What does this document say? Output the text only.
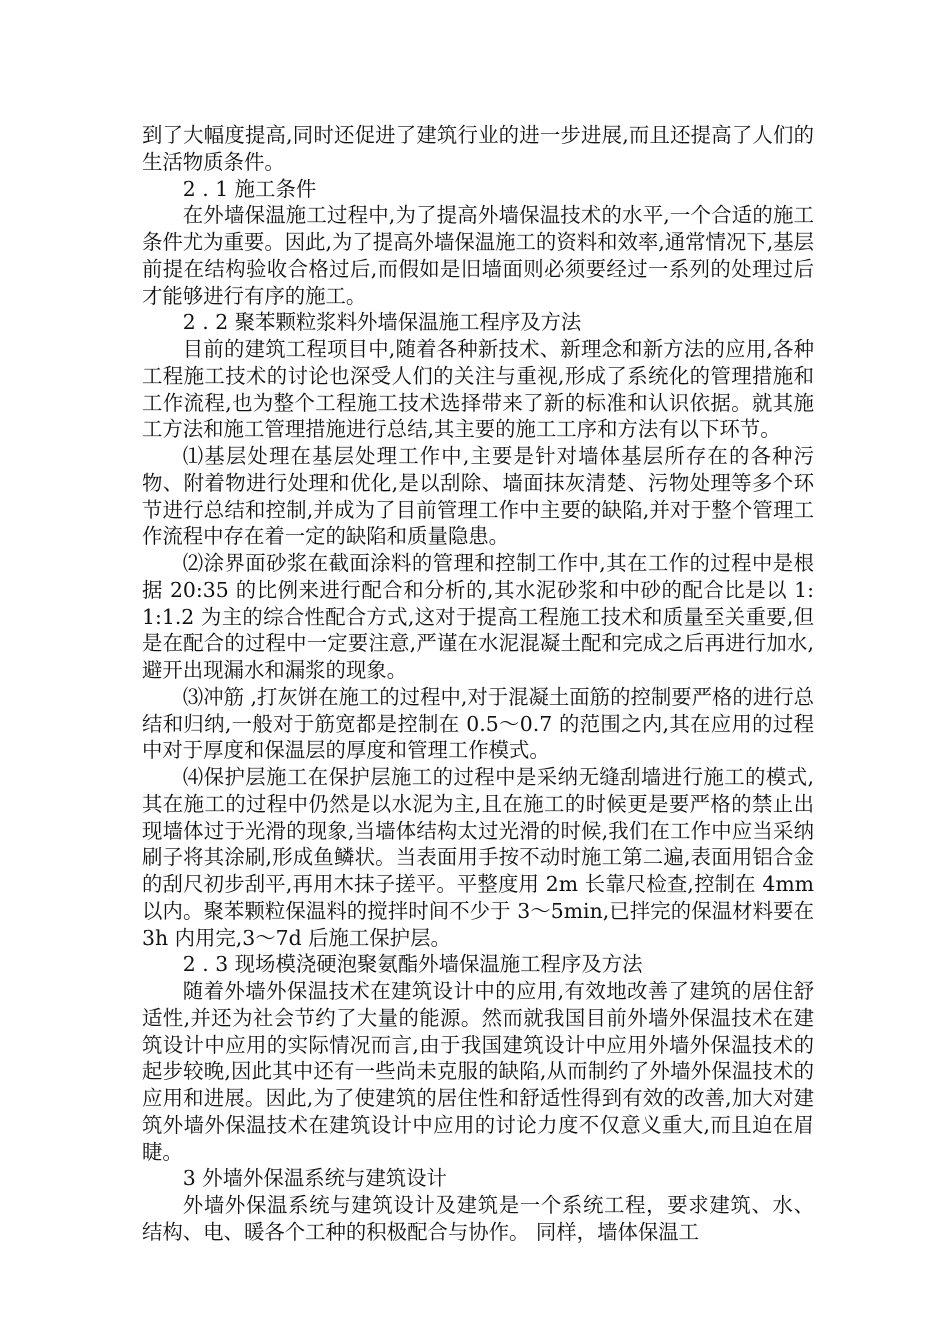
到了大幅度提高,同时还促进了建筑行业的进一步进展,而且还提高了人们的生活物质条件。

2 . 1 施工条件

在外墙保温施工过程中,为了提高外墙保温技术的水平,一个合适的施工条件尤为重要。因此,为了提高外墙保温施工的资料和效率,通常情况下,基层前提在结构验收合格过后,而假如是旧墙面则必须要经过一系列的处理过后才能够进行有序的施工。

2 . 2 聚苯颗粒浆料外墙保温施工程序及方法

目前的建筑工程项目中,随着各种新技术、新理念和新方法的应用,各种工程施工技术的讨论也深受人们的关注与重视,形成了系统化的管理措施和工作流程,也为整个工程施工技术选择带来了新的标准和认识依据。就其施工方法和施工管理措施进行总结,其主要的施工工序和方法有以下环节。

⑴基层处理在基层处理工作中,主要是针对墙体基层所存在的各种污物、附着物进行处理和优化,是以刮除、墙面抹灰清楚、污物处理等多个环节进行总结和控制,并成为了目前管理工作中主要的缺陷,并对于整个管理工作流程中存在着一定的缺陷和质量隐患。

⑵涂界面砂浆在截面涂料的管理和控制工作中,其在工作的过程中是根据 20:35 的比例来进行配合和分析的,其水泥砂浆和中砂的配合比是以 1:1:1.2 为主的综合性配合方式,这对于提高工程施工技术和质量至关重要,但是在配合的过程中一定要注意,严谨在水泥混凝土配和完成之后再进行加水,避开出现漏水和漏浆的现象。

⑶冲筋 ,打灰饼在施工的过程中,对于混凝土面筋的控制要严格的进行总结和归纳,一般对于筋宽都是控制在 0.5～0.7 的范围之内,其在应用的过程中对于厚度和保温层的厚度和管理工作模式。

⑷保护层施工在保护层施工的过程中是采纳无缝刮墙进行施工的模式,其在施工的过程中仍然是以水泥为主,且在施工的时候更是要严格的禁止出现墙体过于光滑的现象,当墙体结构太过光滑的时候,我们在工作中应当采纳刷子将其涂刷,形成鱼鳞状。当表面用手按不动时施工第二遍,表面用铝合金的刮尺初步刮平,再用木抹子搓平。平整度用 2m 长靠尺检查,控制在 4mm 以内。聚苯颗粒保温料的搅拌时间不少于 3～5min,已拌完的保温材料要在 3h 内用完,3～7d 后施工保护层。

2 . 3 现场模浇硬泡聚氨酯外墙保温施工程序及方法

随着外墙外保温技术在建筑设计中的应用,有效地改善了建筑的居住舒适性,并还为社会节约了大量的能源。然而就我国目前外墙外保温技术在建筑设计中应用的实际情况而言,由于我国建筑设计中应用外墙外保温技术的起步较晚,因此其中还有一些尚未克服的缺陷,从而制约了外墙外保温技术的应用和进展。因此,为了使建筑的居住性和舒适性得到有效的改善,加大对建筑外墙外保温技术在建筑设计中应用的讨论力度不仅意义重大,而且迫在眉睫。

3 外墙外保温系统与建筑设计

外墙外保温系统与建筑设计及建筑是一个系统工程，要求建筑、水、结构、电、暖各个工种的积极配合与协作。 同样，墙体保温工
